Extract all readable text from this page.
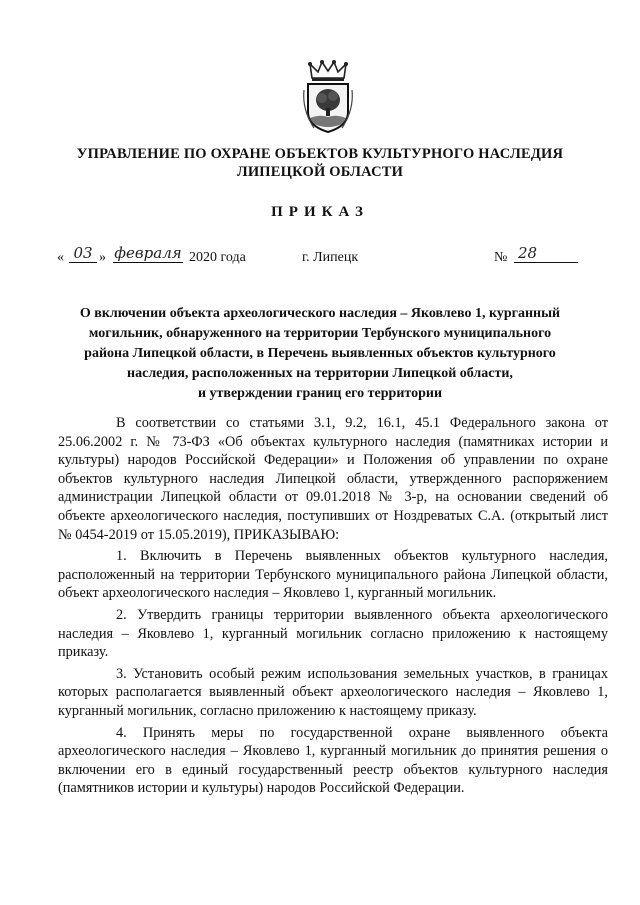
УПРАВЛЕНИЕ ПО ОХРАНЕ ОБЪЕКТОВ КУЛЬТУРНОГО НАСЛЕДИЯ
ЛИПЕЦКОЙ ОБЛАСТИ
ПРИКАЗ
« 03 » февраля 2020 года	г. Липецк	№ 28
О включении объекта археологического наследия – Яковлево 1, курганный
могильник, обнаруженного на территории Тербунского муниципального
района Липецкой области, в Перечень выявленных объектов культурного
наследия, расположенных на территории Липецкой области,
и утверждении границ его территории

В соответствии со статьями 3.1, 9.2, 16.1, 45.1 Федерального закона от 25.06.2002 г. № 73-ФЗ «Об объектах культурного наследия (памятниках истории и культуры) народов Российской Федерации» и Положения об управлении по охране объектов культурного наследия Липецкой области, утвержденного распоряжением администрации Липецкой области от 09.01.2018 № 3-р, на основании сведений об объекте археологического наследия, поступивших от Ноздреватых С.А. (открытый лист № 0454-2019 от 15.05.2019), ПРИКАЗЫВАЮ:

1. Включить в Перечень выявленных объектов культурного наследия, расположенный на территории Тербунского муниципального района Липецкой области, объект археологического наследия – Яковлево 1, курганный могильник.

2. Утвердить границы территории выявленного объекта археологического наследия – Яковлево 1, курганный могильник согласно приложению к настоящему приказу.

3. Установить особый режим использования земельных участков, в границах которых располагается выявленный объект археологического наследия – Яковлево 1, курганный могильник, согласно приложению к настоящему приказу.

4. Принять меры по государственной охране выявленного объекта археологического наследия – Яковлево 1, курганный могильник до принятия решения о включении его в единый государственный реестр объектов культурного наследия (памятников истории и культуры) народов Российской Федерации.
